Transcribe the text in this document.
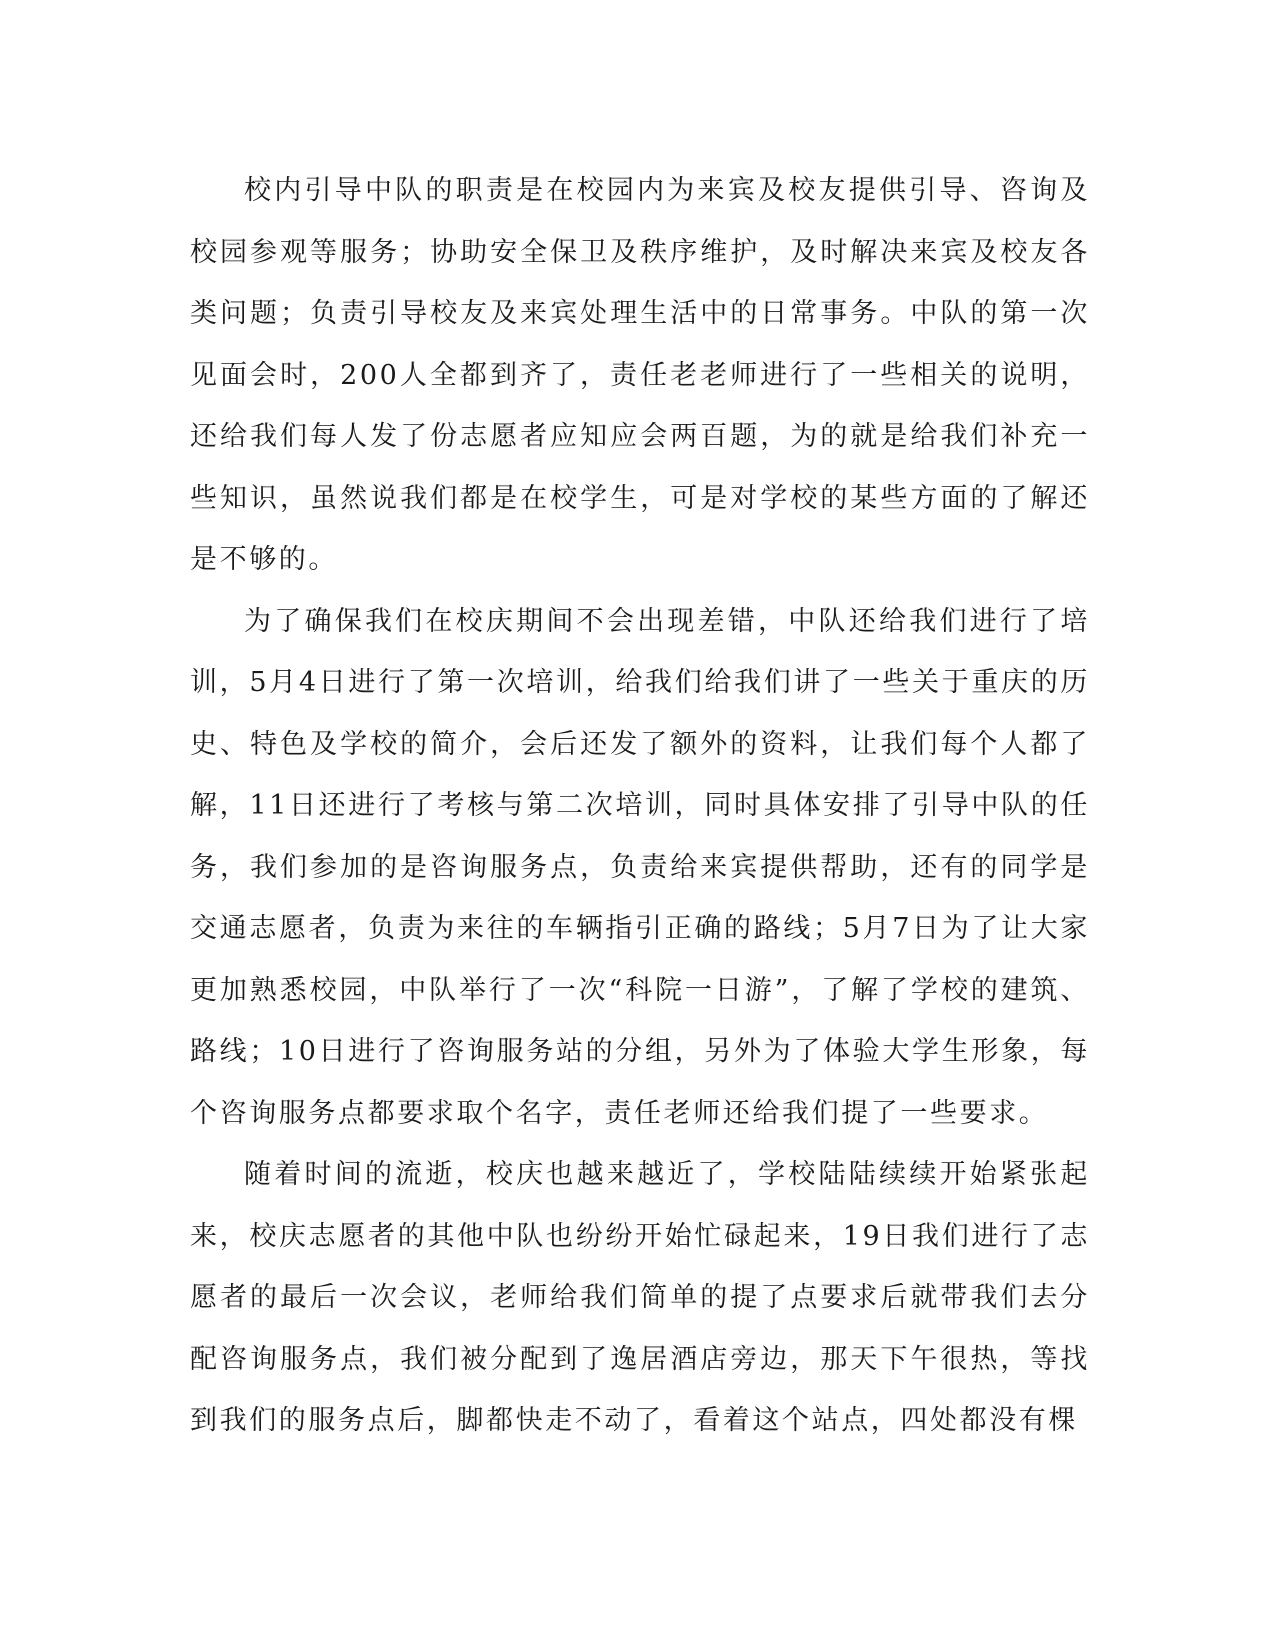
校内引导中队的职责是在校园内为来宾及校友提供引导、咨询及校园参观等服务；协助安全保卫及秩序维护，及时解决来宾及校友各类问题；负责引导校友及来宾处理生活中的日常事务。中队的第一次见面会时，200人全都到齐了，责任老老师进行了一些相关的说明，还给我们每人发了份志愿者应知应会两百题，为的就是给我们补充一些知识，虽然说我们都是在校学生，可是对学校的某些方面的了解还是不够的。

为了确保我们在校庆期间不会出现差错，中队还给我们进行了培训，5月4日进行了第一次培训，给我们给我们讲了一些关于重庆的历史、特色及学校的简介，会后还发了额外的资料，让我们每个人都了解，11日还进行了考核与第二次培训，同时具体安排了引导中队的任务，我们参加的是咨询服务点，负责给来宾提供帮助，还有的同学是交通志愿者，负责为来往的车辆指引正确的路线；5月7日为了让大家更加熟悉校园，中队举行了一次“科院一日游”，了解了学校的建筑、路线；10日进行了咨询服务站的分组，另外为了体验大学生形象，每个咨询服务点都要求取个名字，责任老师还给我们提了一些要求。

随着时间的流逝，校庆也越来越近了，学校陆陆续续开始紧张起来，校庆志愿者的其他中队也纷纷开始忙碌起来，19日我们进行了志愿者的最后一次会议，老师给我们简单的提了点要求后就带我们去分配咨询服务点，我们被分配到了逸居酒店旁边，那天下午很热，等找到我们的服务点后，脚都快走不动了，看着这个站点，四处都没有棵
